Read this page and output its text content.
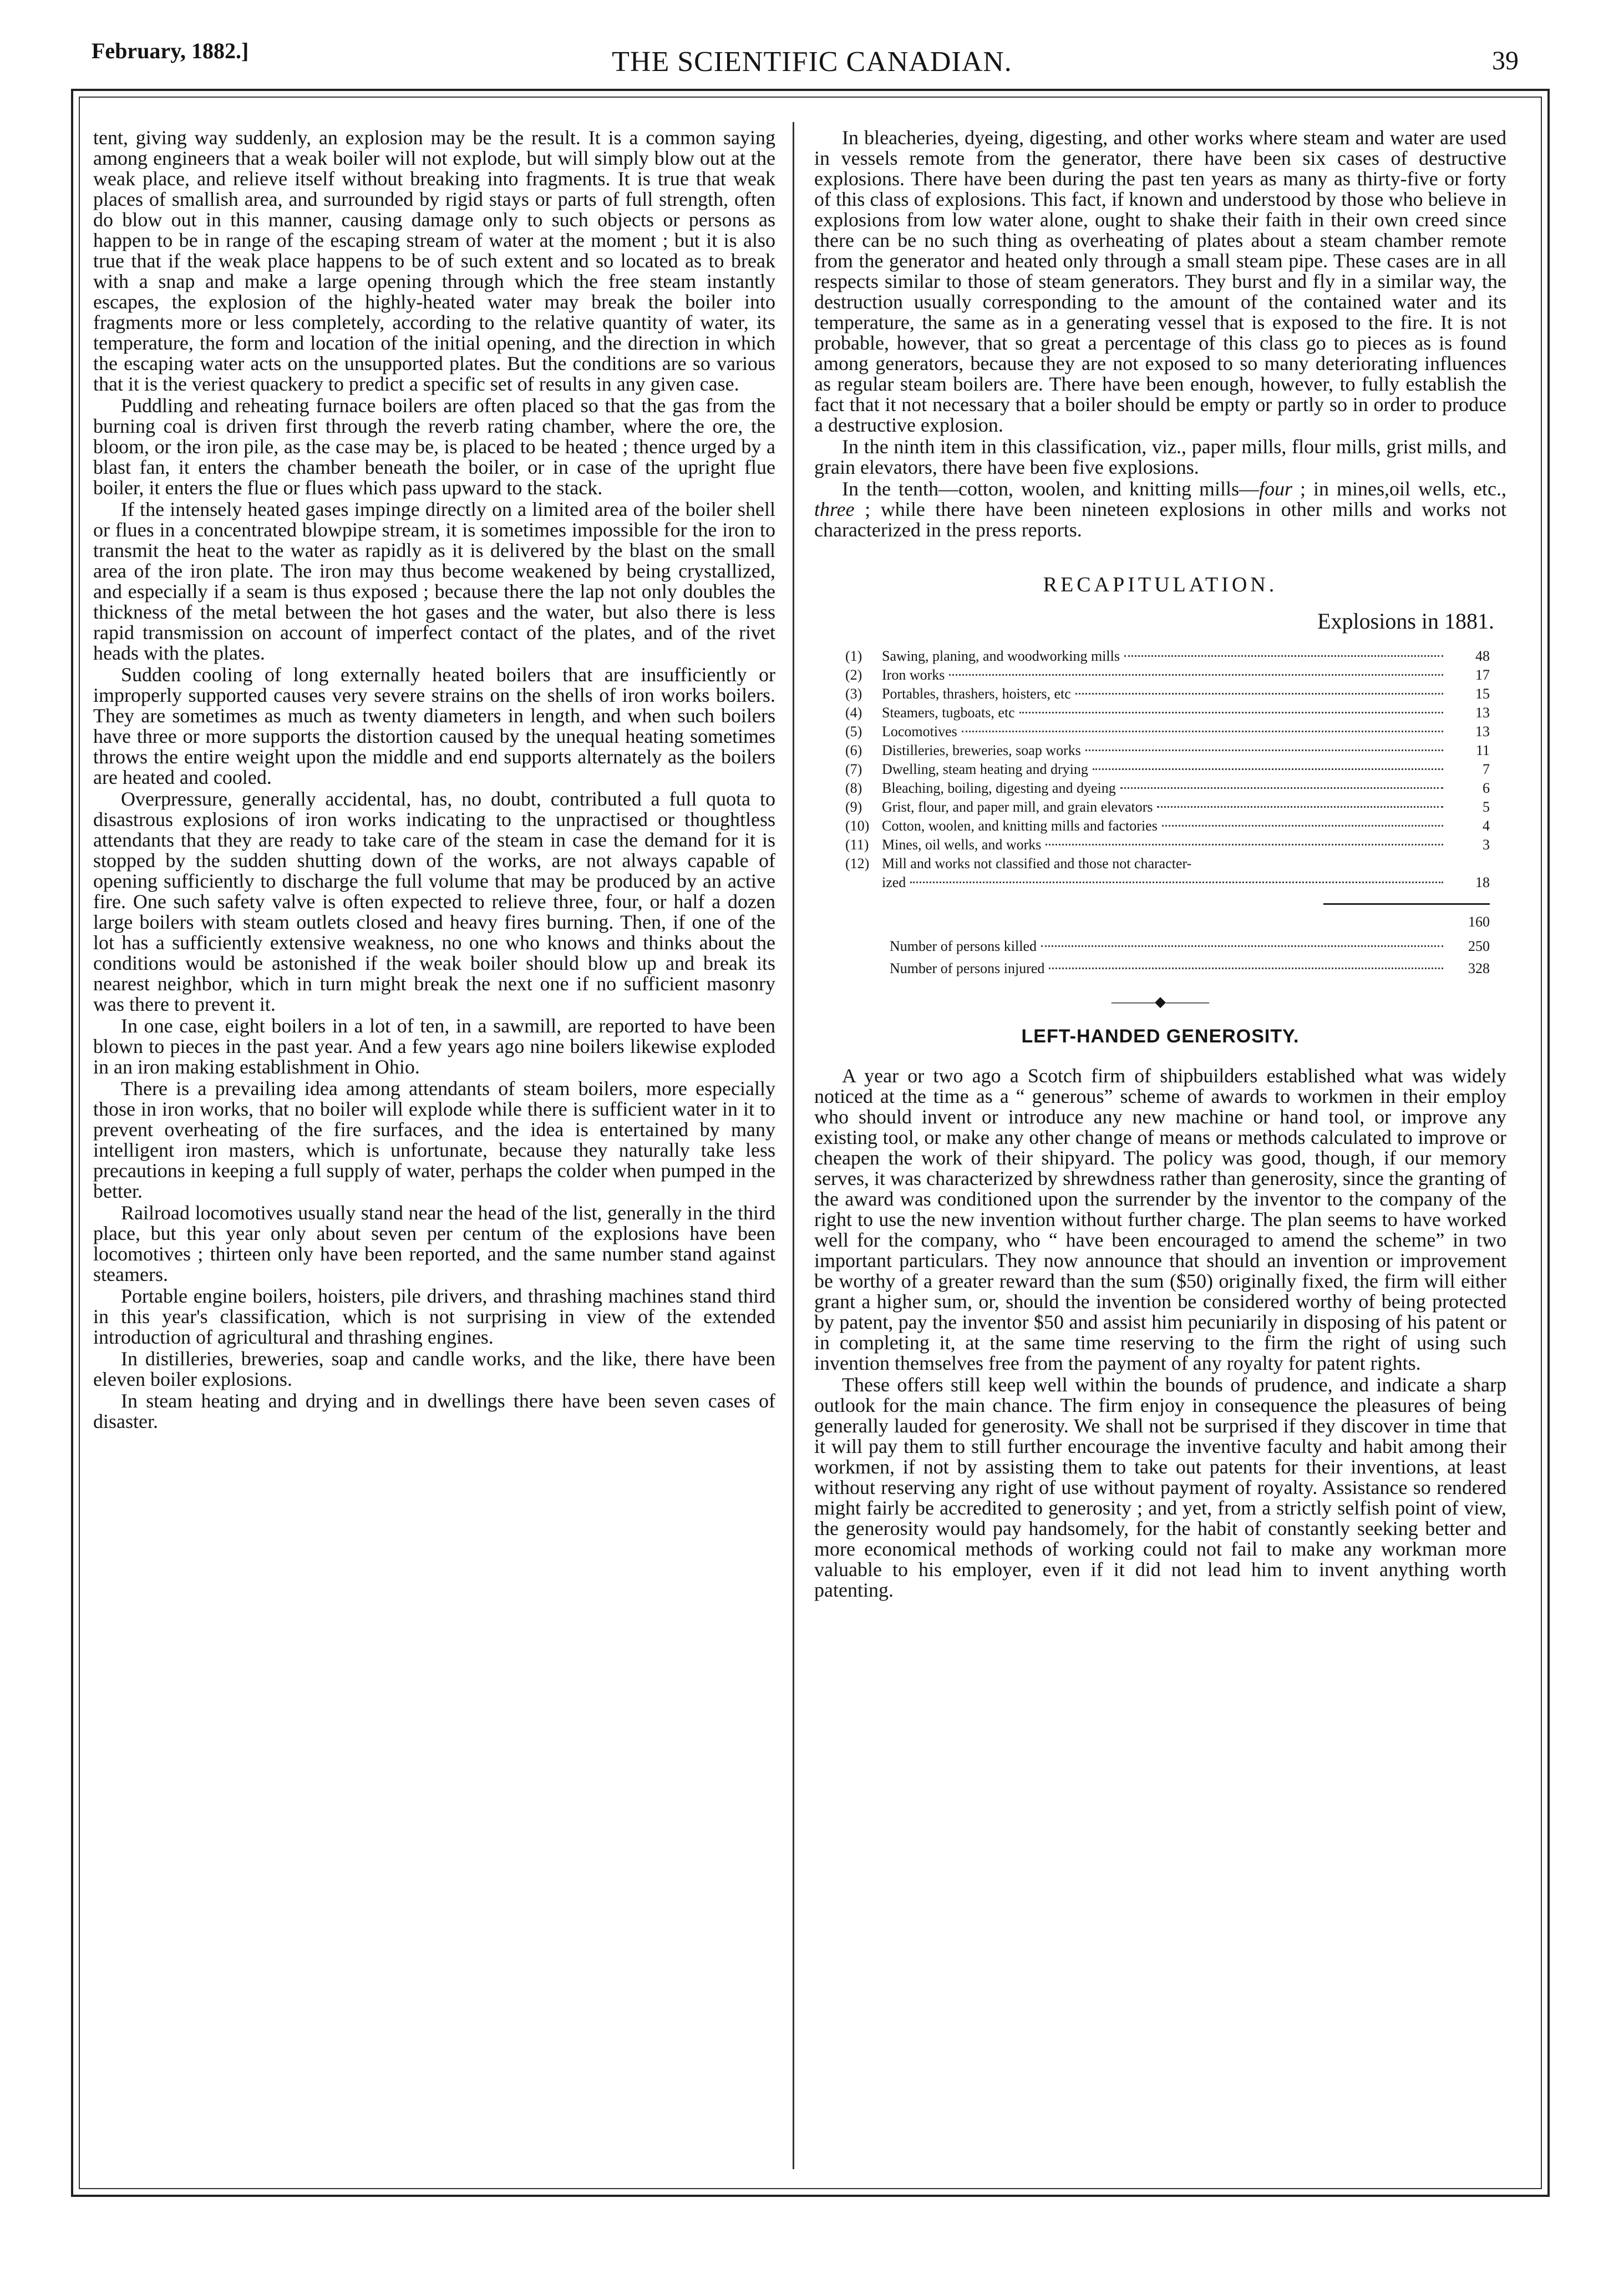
February, 1882.]	THE SCIENTIFIC CANADIAN.	39

tent, giving way suddenly, an explosion may be the result. It is a common saying among engineers that a weak boiler will not explode, but will simply blow out at the weak place, and relieve itself without breaking into fragments. It is true that weak places of smallish area, and surrounded by rigid stays or parts of full strength, often do blow out in this manner, causing damage only to such objects or persons as happen to be in range of the escaping stream of water at the moment ; but it is also true that if the weak place happens to be of such extent and so located as to break with a snap and make a large opening through which the free steam instantly escapes, the explosion of the highly-heated water may break the boiler into fragments more or less completely, according to the relative quantity of water, its temperature, the form and location of the initial opening, and the direction in which the escaping water acts on the unsupported plates. But the conditions are so various that it is the veriest quackery to predict a specific set of results in any given case.

Puddling and reheating furnace boilers are often placed so that the gas from the burning coal is driven first through the reverb rating chamber, where the ore, the bloom, or the iron pile, as the case may be, is placed to be heated ; thence urged by a blast fan, it enters the chamber beneath the boiler, or in case of the upright flue boiler, it enters the flue or flues which pass upward to the stack.

If the intensely heated gases impinge directly on a limited area of the boiler shell or flues in a concentrated blowpipe stream, it is sometimes impossible for the iron to transmit the heat to the water as rapidly as it is delivered by the blast on the small area of the iron plate. The iron may thus become weakened by being crystallized, and especially if a seam is thus exposed ; because there the lap not only doubles the thickness of the metal between the hot gases and the water, but also there is less rapid transmission on account of imperfect contact of the plates, and of the rivet heads with the plates.

Sudden cooling of long externally heated boilers that are insufficiently or improperly supported causes very severe strains on the shells of iron works boilers. They are sometimes as much as twenty diameters in length, and when such boilers have three or more supports the distortion caused by the unequal heating sometimes throws the entire weight upon the middle and end supports alternately as the boilers are heated and cooled.

Overpressure, generally accidental, has, no doubt, contributed a full quota to disastrous explosions of iron works indicating to the unpractised or thoughtless attendants that they are ready to take care of the steam in case the demand for it is stopped by the sudden shutting down of the works, are not always capable of opening sufficiently to discharge the full volume that may be produced by an active fire. One such safety valve is often expected to relieve three, four, or half a dozen large boilers with steam outlets closed and heavy fires burning. Then, if one of the lot has a sufficiently extensive weakness, no one who knows and thinks about the conditions would be astonished if the weak boiler should blow up and break its nearest neighbor, which in turn might break the next one if no sufficient masonry was there to prevent it.

In one case, eight boilers in a lot of ten, in a sawmill, are reported to have been blown to pieces in the past year. And a few years ago nine boilers likewise exploded in an iron making establishment in Ohio.

There is a prevailing idea among attendants of steam boilers, more especially those in iron works, that no boiler will explode while there is sufficient water in it to prevent overheating of the fire surfaces, and the idea is entertained by many intelligent iron masters, which is unfortunate, because they naturally take less precautions in keeping a full supply of water, perhaps the colder when pumped in the better.

Railroad locomotives usually stand near the head of the list, generally in the third place, but this year only about seven per centum of the explosions have been locomotives ; thirteen only have been reported, and the same number stand against steamers.

Portable engine boilers, hoisters, pile drivers, and thrashing machines stand third in this year's classification, which is not surprising in view of the extended introduction of agricultural and thrashing engines.

In distilleries, breweries, soap and candle works, and the like, there have been eleven boiler explosions.

In steam heating and drying and in dwellings there have been seven cases of disaster.

In bleacheries, dyeing, digesting, and other works where steam and water are used in vessels remote from the generator, there have been six cases of destructive explosions. There have been during the past ten years as many as thirty-five or forty of this class of explosions. This fact, if known and understood by those who believe in explosions from low water alone, ought to shake their faith in their own creed since there can be no such thing as overheating of plates about a steam chamber remote from the generator and heated only through a small steam pipe. These cases are in all respects similar to those of steam generators. They burst and fly in a similar way, the destruction usually corresponding to the amount of the contained water and its temperature, the same as in a generating vessel that is exposed to the fire. It is not probable, however, that so great a percentage of this class go to pieces as is found among generators, because they are not exposed to so many deteriorating influences as regular steam boilers are. There have been enough, however, to fully establish the fact that it not necessary that a boiler should be empty or partly so in order to produce a destructive explosion.

In the ninth item in this classification, viz., paper mills, flour mills, grist mills, and grain elevators, there have been five explosions.

In the tenth—cotton, woolen, and knitting mills—four ; in mines,oil wells, etc., three ; while there have been nineteen explosions in other mills and works not characterized in the press reports.

RECAPITULATION.
Explosions in 1881.
(1)	Sawing, planing, and woodworking mills	48
(2)	Iron works	17
(3)	Portables, thrashers, hoisters, etc	15
(4)	Steamers, tugboats, etc	13
(5)	Locomotives	13
(6)	Distilleries, breweries, soap works	11
(7)	Dwelling, steam heating and drying	7
(8)	Bleaching, boiling, digesting and dyeing	6
(9)	Grist, flour, and paper mill, and grain elevators	5
(10) Cotton, woolen, and knitting mills and factories	4
(11) Mines, oil wells, and works	3
(12) Mill and works not classified and those not character-
ized	18
160
Number of persons killed	250
Number of persons injured	328
———◆———
LEFT-HANDED GENEROSITY.

A year or two ago a Scotch firm of shipbuilders established what was widely noticed at the time as a “ generous” scheme of awards to workmen in their employ who should invent or introduce any new machine or hand tool, or improve any existing tool, or make any other change of means or methods calculated to improve or cheapen the work of their shipyard. The policy was good, though, if our memory serves, it was characterized by shrewdness rather than generosity, since the granting of the award was conditioned upon the surrender by the inventor to the company of the right to use the new invention without further charge. The plan seems to have worked well for the company, who “ have been encouraged to amend the scheme” in two important particulars. They now announce that should an invention or improvement be worthy of a greater reward than the sum ($50) originally fixed, the firm will either grant a higher sum, or, should the invention be considered worthy of being protected by patent, pay the inventor $50 and assist him pecuniarily in disposing of his patent or in completing it, at the same time reserving to the firm the right of using such invention themselves free from the payment of any royalty for patent rights.

These offers still keep well within the bounds of prudence, and indicate a sharp outlook for the main chance. The firm enjoy in consequence the pleasures of being generally lauded for generosity. We shall not be surprised if they discover in time that it will pay them to still further encourage the inventive faculty and habit among their workmen, if not by assisting them to take out patents for their inventions, at least without reserving any right of use without payment of royalty. Assistance so rendered might fairly be accredited to generosity ; and yet, from a strictly selfish point of view, the generosity would pay handsomely, for the habit of constantly seeking better and more economical methods of working could not fail to make any workman more valuable to his employer, even if it did not lead him to invent anything worth patenting.
